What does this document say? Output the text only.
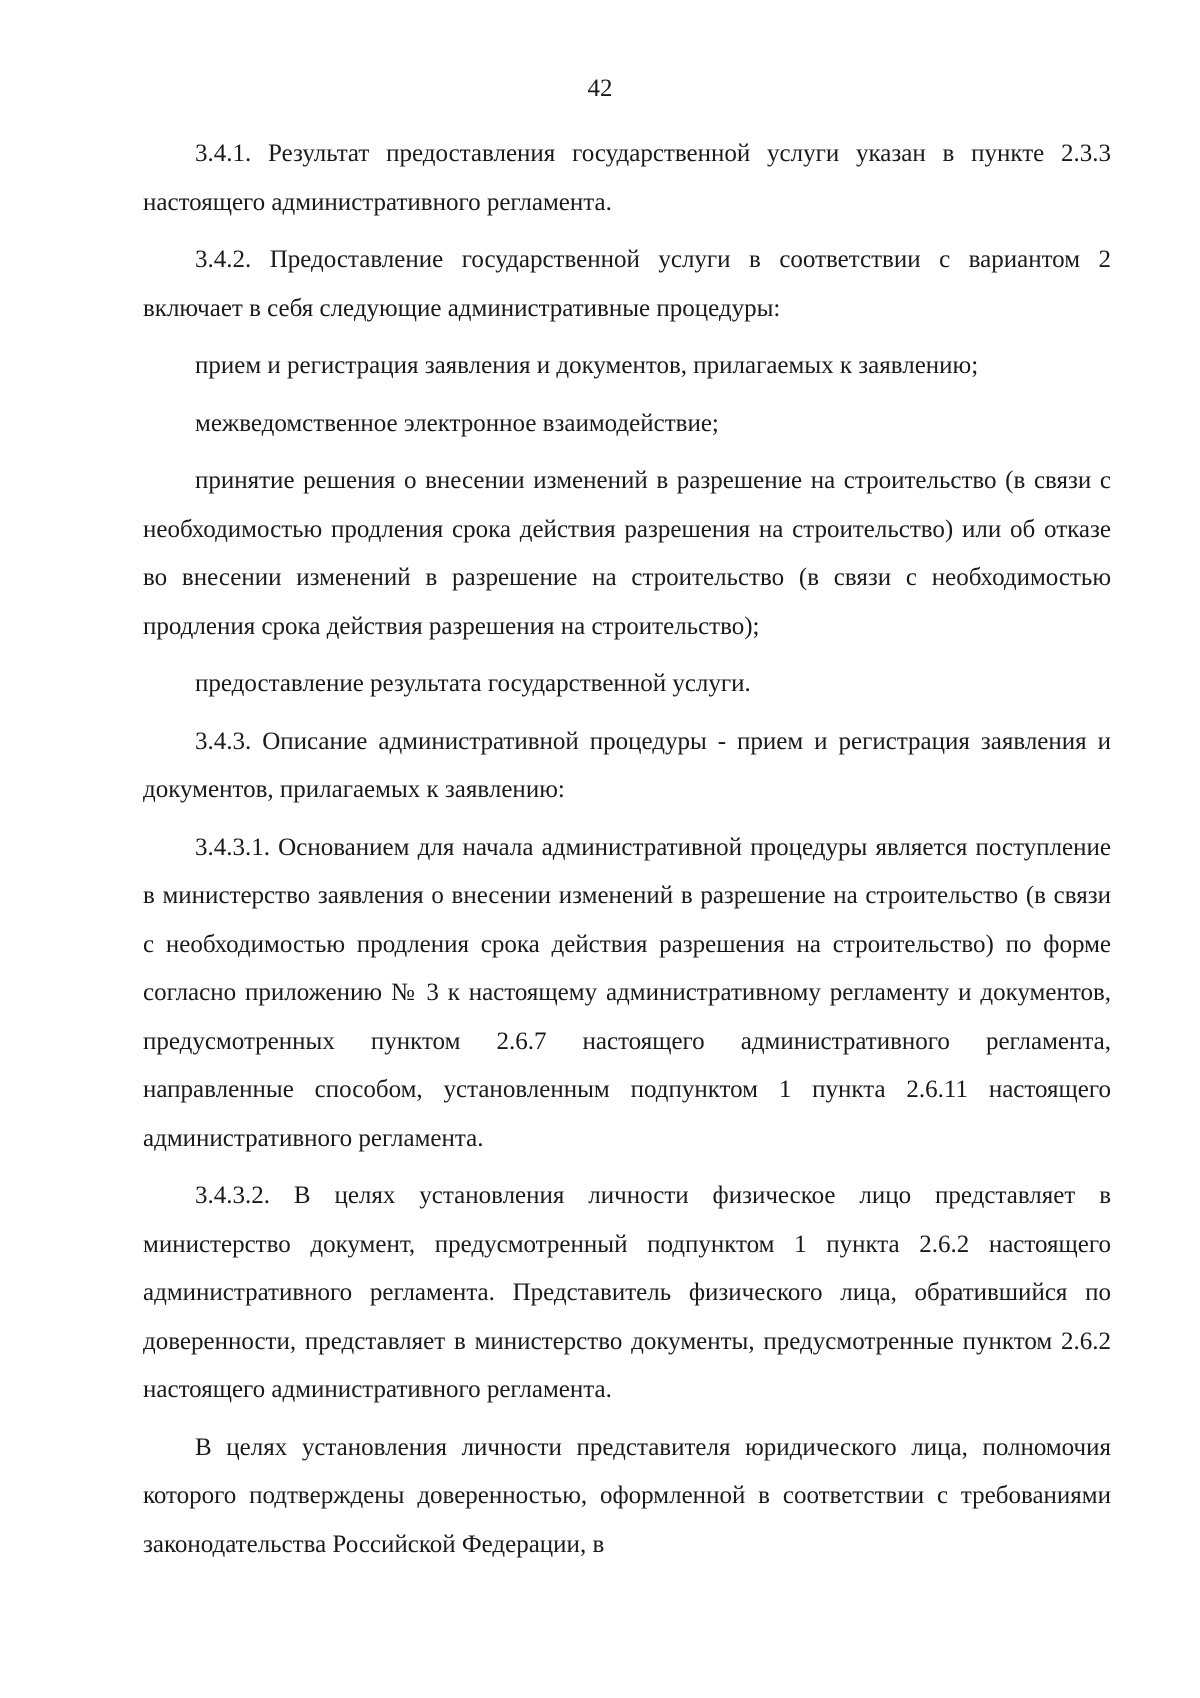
42

3.4.1. Результат предоставления государственной услуги указан в пункте 2.3.3 настоящего административного регламента.

3.4.2. Предоставление государственной услуги в соответствии с вариантом 2 включает в себя следующие административные процедуры:

прием и регистрация заявления и документов, прилагаемых к заявлению;

межведомственное электронное взаимодействие;

принятие решения о внесении изменений в разрешение на строительство (в связи с необходимостью продления срока действия разрешения на строительство) или об отказе во внесении изменений в разрешение на строительство (в связи с необходимостью продления срока действия разрешения на строительство);

предоставление результата государственной услуги.

3.4.3. Описание административной процедуры - прием и регистрация заявления и документов, прилагаемых к заявлению:

3.4.3.1. Основанием для начала административной процедуры является поступление в министерство заявления о внесении изменений в разрешение на строительство (в связи с необходимостью продления срока действия разрешения на строительство) по форме согласно приложению № 3 к настоящему административному регламенту и документов, предусмотренных пунктом 2.6.7 настоящего административного регламента, направленные способом, установленным подпунктом 1 пункта 2.6.11 настоящего административного регламента.

3.4.3.2. В целях установления личности физическое лицо представляет в министерство документ, предусмотренный подпунктом 1 пункта 2.6.2 настоящего административного регламента. Представитель физического лица, обратившийся по доверенности, представляет в министерство документы, предусмотренные пунктом 2.6.2 настоящего административного регламента.

В целях установления личности представителя юридического лица, полномочия которого подтверждены доверенностью, оформленной в соответствии с требованиями законодательства Российской Федерации, в
